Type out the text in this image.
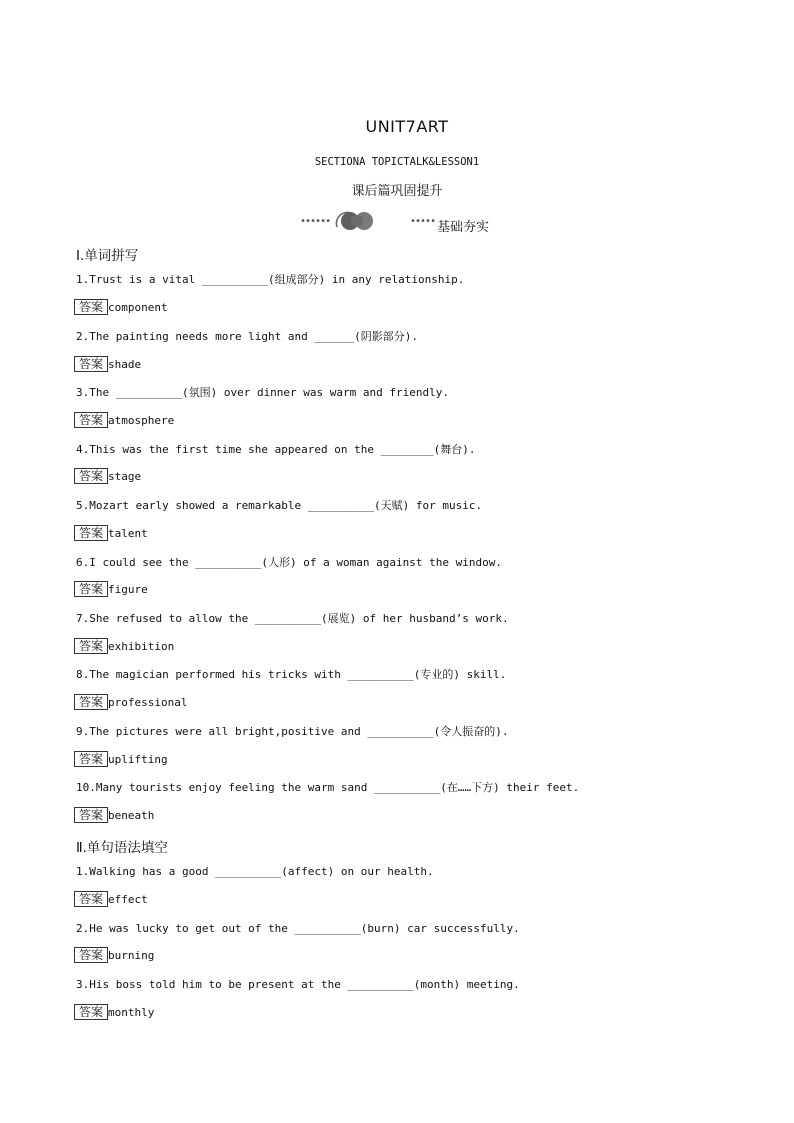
UNIT7ART
SECTIONA TOPICTALK&LESSON1
课后篇巩固提升
••••••	••••• 基础夯实
Ⅰ.单词拼写
1.Trust is a vital __________(组成部分) in any relationship.
答案 component
2.The painting needs more light and ______(阴影部分).
答案 shade
3.The __________(氛围) over dinner was warm and friendly.
答案 atmosphere
4.This was the first time she appeared on the ________(舞台).
答案 stage
5.Mozart early showed a remarkable __________(天赋) for music.
答案 talent
6.I could see the __________(人形) of a woman against the window.
答案 figure
7.She refused to allow the __________(展览) of her husband’s work.
答案 exhibition
8.The magician performed his tricks with __________(专业的) skill.
答案 professional
9.The pictures were all bright,positive and __________(令人振奋的).
答案 uplifting
10.Many tourists enjoy feeling the warm sand __________(在……下方) their feet.
答案 beneath
Ⅱ.单句语法填空
1.Walking has a good __________(affect) on our health.
答案 effect
2.He was lucky to get out of the __________(burn) car successfully.
答案 burning
3.His boss told him to be present at the __________(month) meeting.
答案 monthly
